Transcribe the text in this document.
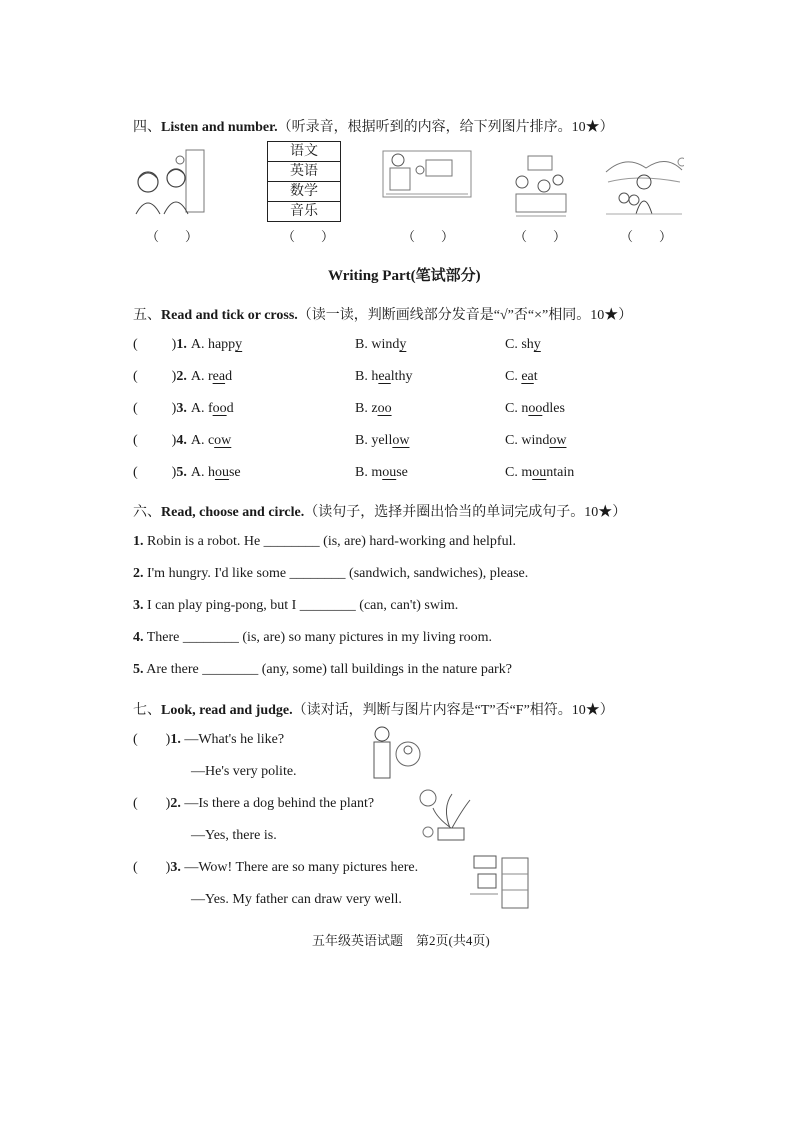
四、Listen and number.（听录音，根据听到的内容，给下列图片排序。10★）
（　　）
语文
英语
数学
音乐
（　　）	（　　）	（　　）	（　　）
Writing Part(笔试部分)
五、Read and tick or cross.（读一读，判断画线部分发音是“√”否“×”相同。10★）
( )1. A. happy	B. windy	C. shy
( )2. A. read	B. healthy	C. eat
( )3. A. food	B. zoo	C. noodles
( )4. A. cow	B. yellow	C. window
( )5. A. house	B. mouse	C. mountain
六、Read, choose and circle.（读句子，选择并圈出恰当的单词完成句子。10★）
1. Robin is a robot. He ________ (is, are) hard-working and helpful.
2. I'm hungry. I'd like some ________ (sandwich, sandwiches), please.
3. I can play ping-pong, but I ________ (can, can't) swim.
4. There ________ (is, are) so many pictures in my living room.
5. Are there ________ (any, some) tall buildings in the nature park?
七、Look, read and judge.（读对话，判断与图片内容是“T”否“F”相符。10★）
( )1. —What's he like?
—He's very polite.
( )2. —Is there a dog behind the plant?
—Yes, there is.
( )3. —Wow! There are so many pictures here.
—Yes. My father can draw very well.
五年级英语试题　第2页(共4页)
